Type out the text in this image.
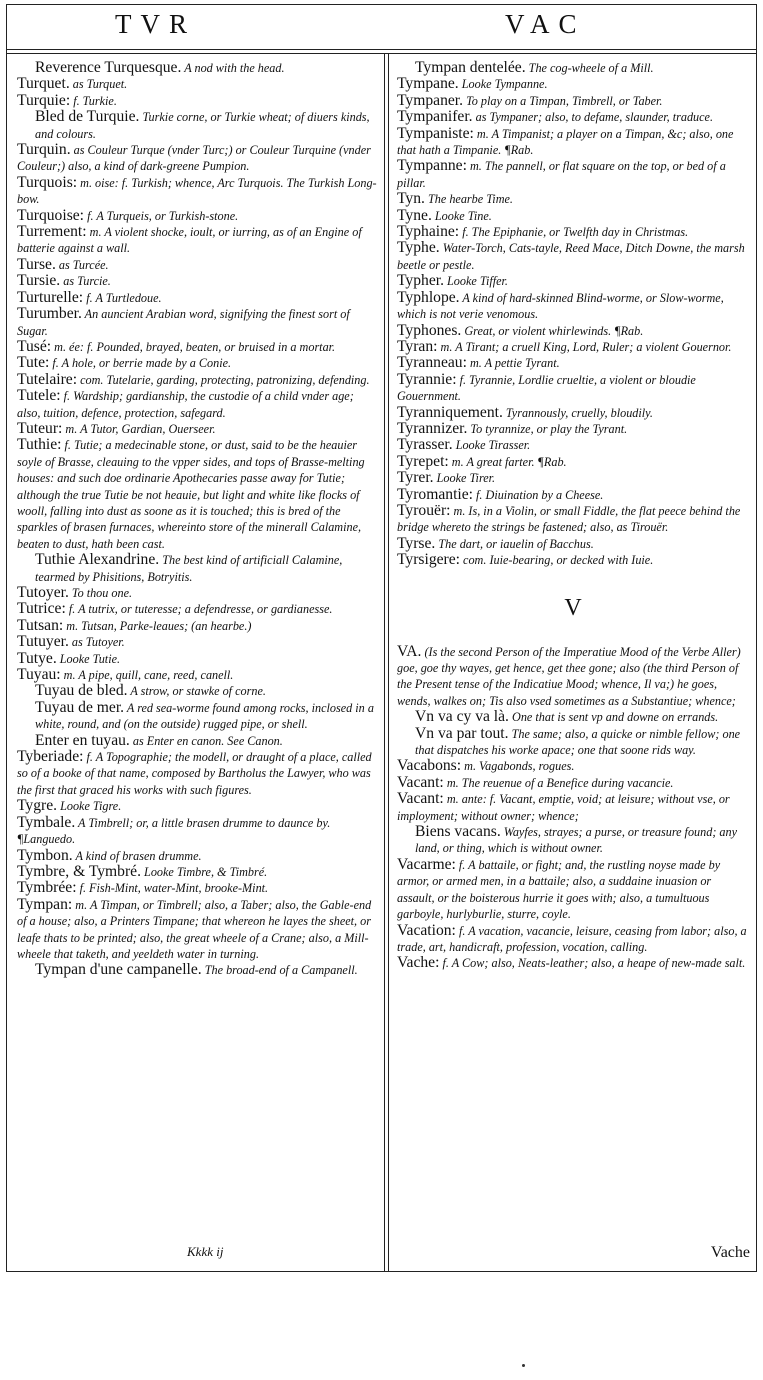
TVR	VAC

Reverence Turquesque. A nod with the head.

Turquet. as Turquet.

Turquie: f. Turkie.

Bled de Turquie. Turkie corne, or Turkie wheat; of diuers kinds, and colours.

Turquin. as Couleur Turque (vnder Turc;) or Couleur Turquine (vnder Couleur;) also, a kind of dark-greene Pumpion.

Turquois: m. oise: f. Turkish; whence, Arc Turquois. The Turkish Long-bow.

Turquoise: f. A Turqueis, or Turkish-stone.

Turrement: m. A violent shocke, ioult, or iurring, as of an Engine of batterie against a wall.

Turse. as Turcée.

Tursie. as Turcie.

Turturelle: f. A Turtledoue.

Turumber. An auncient Arabian word, signifying the finest sort of Sugar.

Tusé: m. ée: f. Pounded, brayed, beaten, or bruised in a mortar.

Tute: f. A hole, or berrie made by a Conie.

Tutelaire: com. Tutelarie, garding, protecting, patronizing, defending.

Tutele: f. Wardship; gardianship, the custodie of a child vnder age; also, tuition, defence, protection, safegard.

Tuteur: m. A Tutor, Gardian, Ouerseer.

Tuthie: f. Tutie; a medecinable stone, or dust, said to be the heauier soyle of Brasse, cleauing to the vpper sides, and tops of Brasse-melting houses: and such doe ordinarie Apothecaries passe away for Tutie; although the true Tutie be not heauie, but light and white like flocks of wooll, falling into dust as soone as it is touched; this is bred of the sparkles of brasen furnaces, whereinto store of the minerall Calamine, beaten to dust, hath been cast.

Tuthie Alexandrine. The best kind of artificiall Calamine, tearmed by Phisitions, Botryitis.

Tutoyer. To thou one.

Tutrice: f. A tutrix, or tuteresse; a defendresse, or gardianesse.

Tutsan: m. Tutsan, Parke-leaues; (an hearbe.)

Tutuyer. as Tutoyer.

Tutye. Looke Tutie.

Tuyau: m. A pipe, quill, cane, reed, canell.

Tuyau de bled. A strow, or stawke of corne.

Tuyau de mer. A red sea-worme found among rocks, inclosed in a white, round, and (on the outside) rugged pipe, or shell.

Enter en tuyau. as Enter en canon. See Canon.

Tyberiade: f. A Topographie; the modell, or draught of a place, called so of a booke of that name, composed by Bartholus the Lawyer, who was the first that graced his works with such figures.

Tygre. Looke Tigre.

Tymbale. A Timbrell; or, a little brasen drumme to daunce by. ¶Languedo.

Tymbon. A kind of brasen drumme.

Tymbre, & Tymbré. Looke Timbre, & Timbré.

Tymbrée: f. Fish-Mint, water-Mint, brooke-Mint.

Tympan: m. A Timpan, or Timbrell; also, a Taber; also, the Gable-end of a house; also, a Printers Timpane; that whereon he layes the sheet, or leafe thats to be printed; also, the great wheele of a Crane; also, a Mill-wheele that taketh, and yeeldeth water in turning.

Tympan d'une campanelle. The broad-end of a Campanell.

Tympan dentelée. The cog-wheele of a Mill.

Tympane. Looke Tympanne.

Tympaner. To play on a Timpan, Timbrell, or Taber.

Tympanifer. as Tympaner; also, to defame, slaunder, traduce.

Tympaniste: m. A Timpanist; a player on a Timpan, &c; also, one that hath a Timpanie. ¶Rab.

Tympanne: m. The pannell, or flat square on the top, or bed of a pillar.

Tyn. The hearbe Time.

Tyne. Looke Tine.

Typhaine: f. The Epiphanie, or Twelfth day in Christmas.

Typhe. Water-Torch, Cats-tayle, Reed Mace, Ditch Downe, the marsh beetle or pestle.

Typher. Looke Tiffer.

Typhlope. A kind of hard-skinned Blind-worme, or Slow-worme, which is not verie venomous.

Typhones. Great, or violent whirlewinds. ¶Rab.

Tyran: m. A Tirant; a cruell King, Lord, Ruler; a violent Gouernor.

Tyranneau: m. A pettie Tyrant.

Tyrannie: f. Tyrannie, Lordlie crueltie, a violent or bloudie Gouernment.

Tyranniquement. Tyrannously, cruelly, bloudily.

Tyrannizer. To tyrannize, or play the Tyrant.

Tyrasser. Looke Tirasser.

Tyrepet: m. A great farter. ¶Rab.

Tyrer. Looke Tirer.

Tyromantie: f. Diuination by a Cheese.

Tyrouër: m. Is, in a Violin, or small Fiddle, the flat peece behind the bridge whereto the strings be fastened; also, as Tirouër.

Tyrse. The dart, or iauelin of Bacchus.

Tyrsigere: com. Iuie-bearing, or decked with Iuie.

V

VA. (Is the second Person of the Imperatiue Mood of the Verbe Aller) goe, goe thy wayes, get hence, get thee gone; also (the third Person of the Present tense of the Indicatiue Mood; whence, Il va;) he goes, wends, walkes on; Tis also vsed sometimes as a Substantiue; whence;

Vn va cy va là. One that is sent vp and downe on errands.

Vn va par tout. The same; also, a quicke or nimble fellow; one that dispatches his worke apace; one that soone rids way.

Vacabons: m. Vagabonds, rogues.

Vacant: m. The reuenue of a Benefice during vacancie.

Vacant: m. ante: f. Vacant, emptie, void; at leisure; without vse, or imployment; without owner; whence;

Biens vacans. Wayfes, strayes; a purse, or treasure found; any land, or thing, which is without owner.

Vacarme: f. A battaile, or fight; and, the rustling noyse made by armor, or armed men, in a battaile; also, a suddaine inuasion or assault, or the boisterous hurrie it goes with; also, a tumultuous garboyle, hurlyburlie, sturre, coyle.

Vacation: f. A vacation, vacancie, leisure, ceasing from labor; also, a trade, art, handicraft, profession, vocation, calling.

Vache: f. A Cow; also, Neats-leather; also, a heape of new-made salt.

Kkkk ij	Vache
